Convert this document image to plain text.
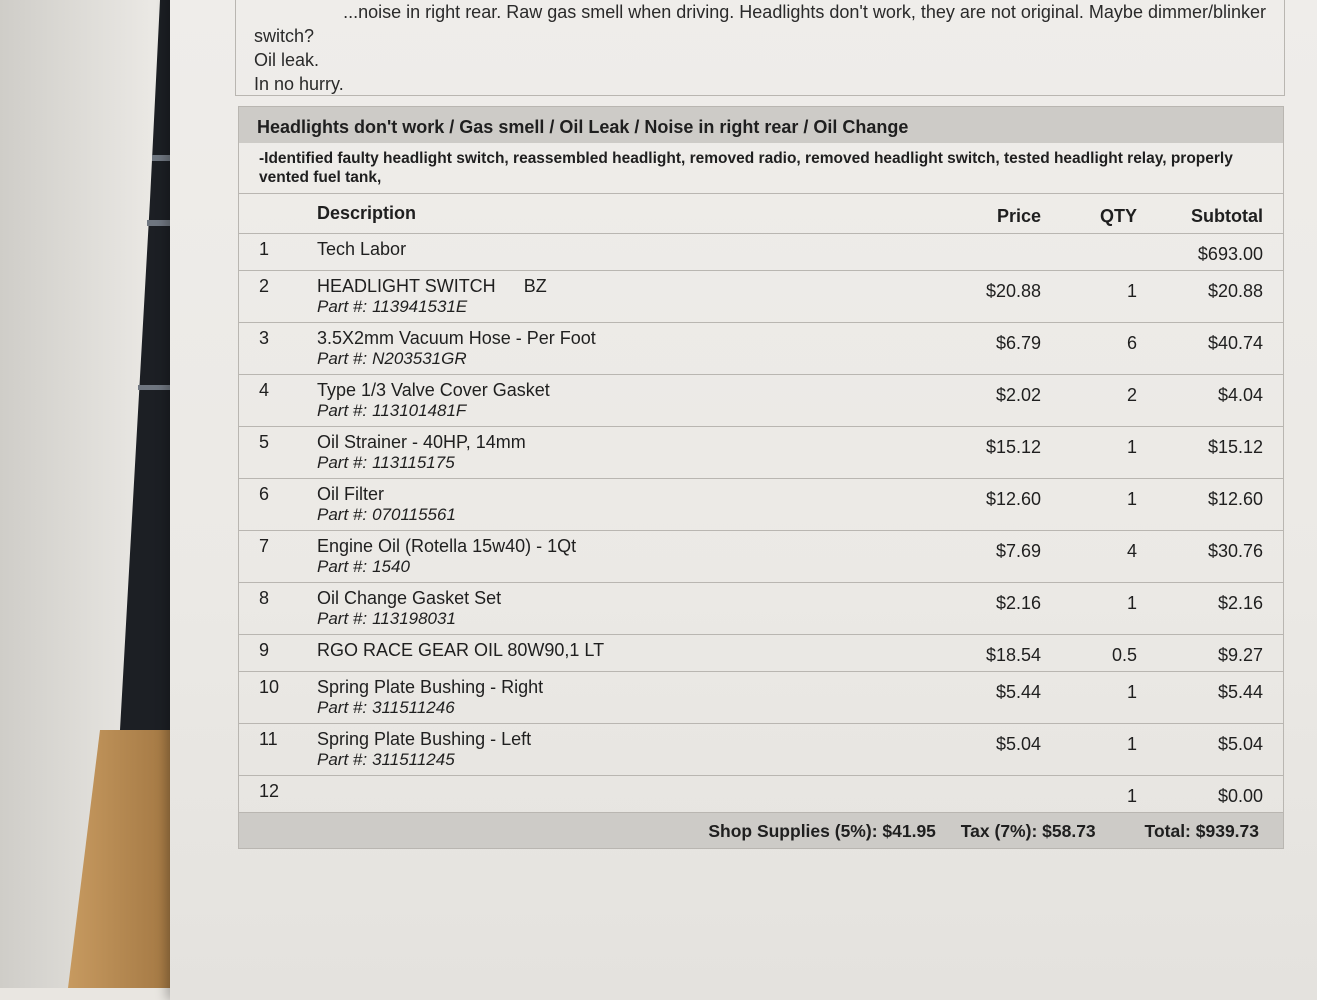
...noise in right rear. Raw gas smell when driving. Headlights don't work, they are not original. Maybe dimmer/blinker
switch?
Oil leak.
In no hurry.
Headlights don't work / Gas smell / Oil Leak / Noise in right rear / Oil Change
-Identified faulty headlight switch, reassembled headlight, removed radio, removed headlight switch, tested headlight relay, properly vented fuel tank,
	Description	Price	QTY	Subtotal
1	Tech Labor			$693.00
2	HEADLIGHT SWITCH BZ
Part #: 113941531E	$20.88	1	$20.88
3	3.5X2mm Vacuum Hose - Per Foot
Part #: N203531GR	$6.79	6	$40.74
4	Type 1/3 Valve Cover Gasket
Part #: 113101481F	$2.02	2	$4.04
5	Oil Strainer - 40HP, 14mm
Part #: 113115175	$15.12	1	$15.12
6	Oil Filter
Part #: 070115561	$12.60	1	$12.60
7	Engine Oil (Rotella 15w40) - 1Qt
Part #: 1540	$7.69	4	$30.76
8	Oil Change Gasket Set
Part #: 113198031	$2.16	1	$2.16
9	RGO RACE GEAR OIL 80W90,1 LT	$18.54	0.5	$9.27
10	Spring Plate Bushing - Right
Part #: 311511246	$5.44	1	$5.44
11	Spring Plate Bushing - Left
Part #: 311511245	$5.04	1	$5.04
12			1	$0.00
Shop Supplies (5%): $41.95 Tax (7%): $58.73	Total: $939.73
